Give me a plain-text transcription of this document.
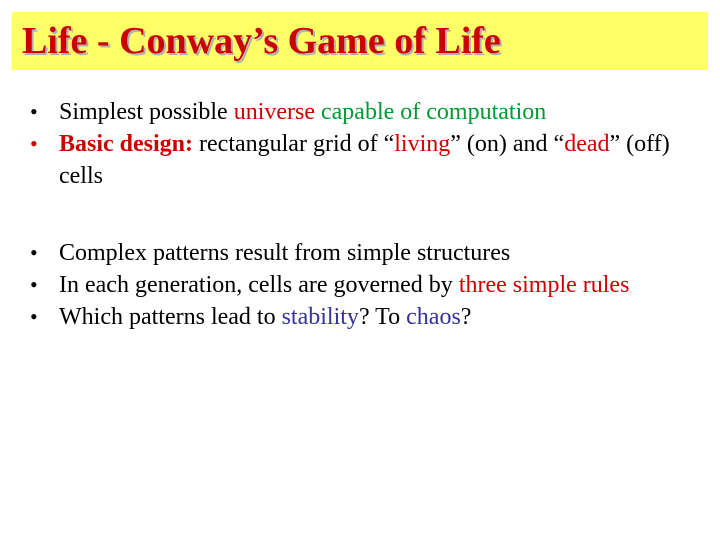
Life - Conway’s Game of Life
• Simplest possible universe capable of computation
• Basic design: rectangular grid of “living” (on) and “dead” (off) cells
• Complex patterns result from simple structures
• In each generation, cells are governed by three simple rules
• Which patterns lead to stability? To chaos?
